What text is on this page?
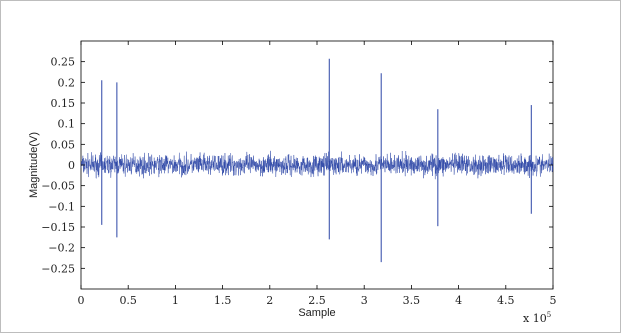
0	0.5	1	1.5	2	2.5	3	3.5	4	4.5	5
−0.25
−0.2
−0.15
−0.1
−0.05
0
0.05
0.1
0.15
0.2
0.25
Sample
Magnitude(V)
x $10^5$
